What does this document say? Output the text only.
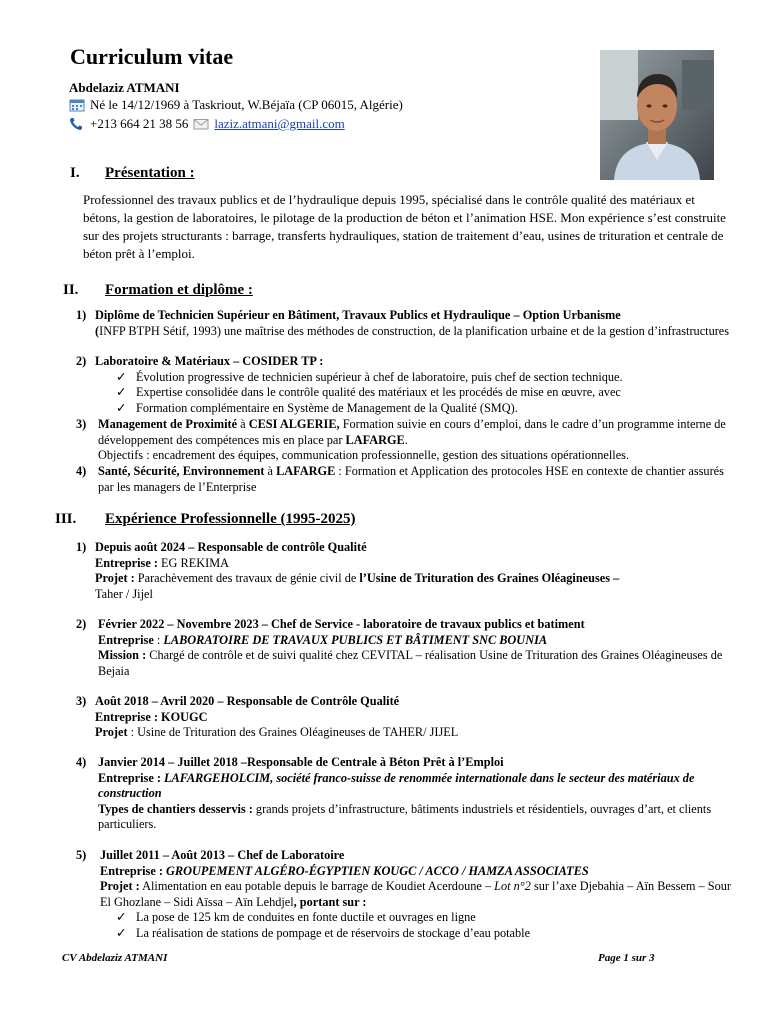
Curriculum vitae
Abdelaziz ATMANI
Né le 14/12/1969 à Taskriout, W.Béjaïa (CP 06015, Algérie)
+213 664 21 38 56 laziz.atmani@gmail.com
I. Présentation :

Professionnel des travaux publics et de l’hydraulique depuis 1995, spécialisé dans le contrôle qualité des matériaux et bétons, la gestion de laboratoires, le pilotage de la production de béton et l’animation HSE. Mon expérience s’est construite sur des projets structurants : barrage, transferts hydrauliques, station de traitement d’eau, usines de trituration et centrale de béton prêt à l’emploi.

II. Formation et diplôme :
1) Diplôme de Technicien Supérieur en Bâtiment, Travaux Publics et Hydraulique – Option Urbanisme
(INFP BTPH Sétif, 1993) une maîtrise des méthodes de construction, de la planification urbaine et de la gestion d’infrastructures
2) Laboratoire & Matériaux – COSIDER TP :
✓ Évolution progressive de technicien supérieur à chef de laboratoire, puis chef de section technique.
✓ Expertise consolidée dans le contrôle qualité des matériaux et les procédés de mise en œuvre, avec
✓ Formation complémentaire en Système de Management de la Qualité (SMQ).
3) Management de Proximité à CESI ALGERIE, Formation suivie en cours d’emploi, dans le cadre d’un programme interne de développement des compétences mis en place par LAFARGE.
Objectifs : encadrement des équipes, communication professionnelle, gestion des situations opérationnelles.
4) Santé, Sécurité, Environnement à LAFARGE : Formation et Application des protocoles HSE en contexte de chantier assurés par les managers de l’Enterprise
III. Expérience Professionnelle (1995-2025)
1) Depuis août 2024 – Responsable de contrôle Qualité
Entreprise : EG REKIMA
Projet : Parachèvement des travaux de génie civil de l’Usine de Trituration des Graines Oléagineuses –
Taher / Jijel
2) Février 2022 – Novembre 2023 – Chef de Service - laboratoire de travaux publics et batiment
Entreprise : LABORATOIRE DE TRAVAUX PUBLICS ET BÂTIMENT SNC BOUNIA
Mission : Chargé de contrôle et de suivi qualité chez CEVITAL – réalisation Usine de Trituration des Graines Oléagineuses de Bejaia
3) Août 2018 – Avril 2020 – Responsable de Contrôle Qualité
Entreprise : KOUGC
Projet : Usine de Trituration des Graines Oléagineuses de TAHER/ JIJEL
4) Janvier 2014 – Juillet 2018 –Responsable de Centrale à Béton Prêt à l’Emploi
Entreprise : LAFARGEHOLCIM, société franco-suisse de renommée internationale dans le secteur des matériaux de construction
Types de chantiers desservis : grands projets d’infrastructure, bâtiments industriels et résidentiels, ouvrages d’art, et clients particuliers.
5) Juillet 2011 – Août 2013 – Chef de Laboratoire
Entreprise : GROUPEMENT ALGÉRO-ÉGYPTIEN KOUGC / ACCO / HAMZA ASSOCIATES
Projet : Alimentation en eau potable depuis le barrage de Koudiet Acerdoune – Lot n°2 sur l’axe Djebahia – Aïn Bessem – Sour El Ghozlane – Sidi Aïssa – Aïn Lehdjel, portant sur :
✓ La pose de 125 km de conduites en fonte ductile et ouvrages en ligne
✓ La réalisation de stations de pompage et de réservoirs de stockage d’eau potable
CV Abdelaziz ATMANI	Page 1 sur 3
